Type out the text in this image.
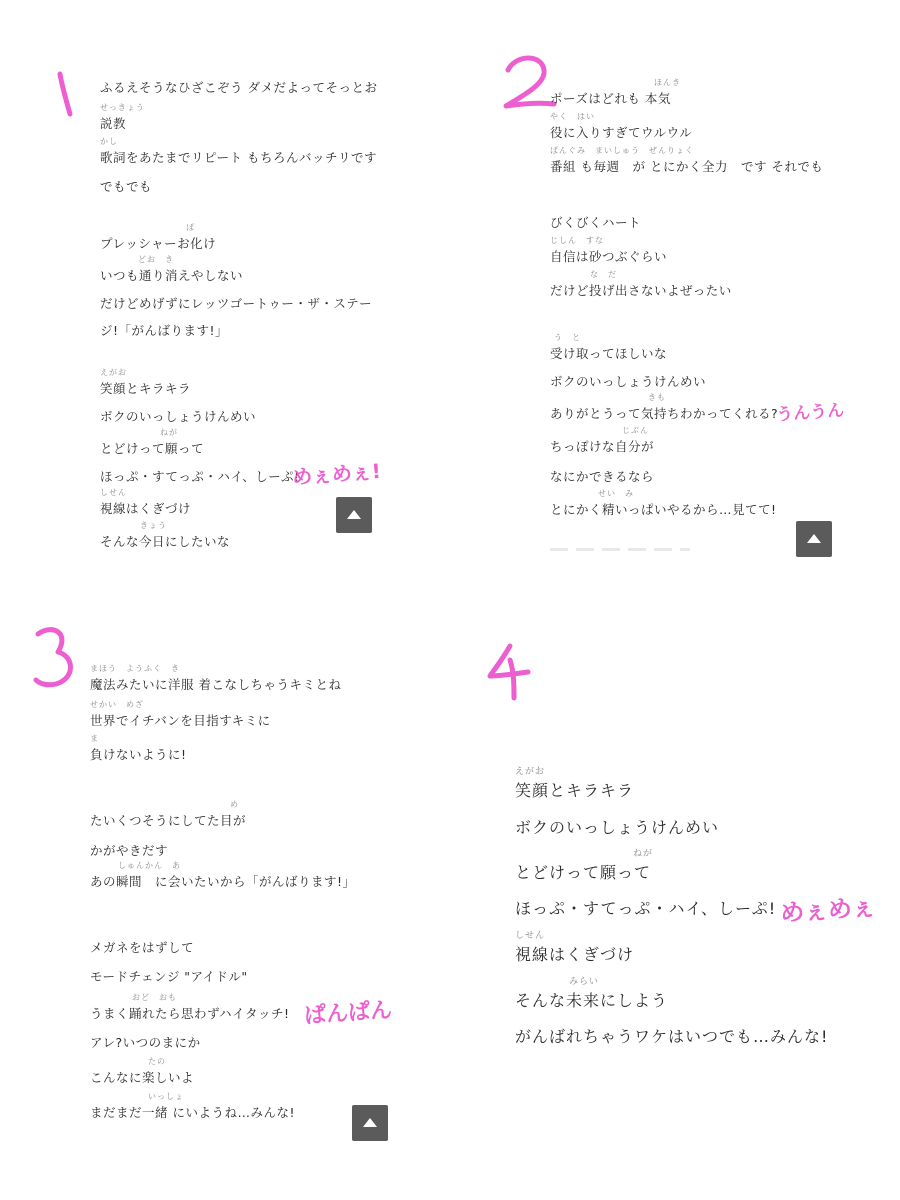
ふるえそうなひざこぞう ダメだよってそっとお
せっきょう
説教
かし
歌詞をあたまでリピート もちろんバッチリです
でもでも
ば
プレッシャーお化け
どお　き
いつも通り消えやしない
だけどめげずにレッツゴートゥー・ザ・ステー
ジ!「がんばります!」
えがお
笑顔とキラキラ
ボクのいっしょうけんめい
ねが
とどけって願って
ほっぷ・すてっぷ・ハイ、しーぷ!
しせん
視線はくぎづけ
きょう
そんな今日にしたいな
めぇめぇ!
ほんき
ポーズはどれも 本気
やく　はい
役に入りすぎてウルウル
ばんぐみ　まいしゅう　ぜんりょく
番組 も毎週　が とにかく全力　です それでも
びくびくハート
じしん　すな
自信は砂つぶぐらい
な　だ
だけど投げ出さないよぜったい
う　と
受け取ってほしいな
ボクのいっしょうけんめい
きも
ありがとうって気持ちわかってくれる?
じぶん
ちっぽけな自分が
なにかできるなら
せい　み
とにかく精いっぱいやるから…見てて!
うんうん
まほう　ようふく　き
魔法みたいに洋服 着こなしちゃうキミとね
せかい　めざ
世界でイチバンを目指すキミに
ま
負けないように!
め
たいくつそうにしてた目が
かがやきだす
しゅんかん　あ
あの瞬間　に会いたいから「がんばります!」
メガネをはずして
モードチェンジ "アイドル"
おど　おも
うまく踊れたら思わずハイタッチ!
アレ?いつのまにか
たの
こんなに楽しいよ
いっしょ
まだまだ一緒 にいようね…みんな!
ぱんぱん
えがお
笑顔とキラキラ
ボクのいっしょうけんめい
ねが
とどけって願って
ほっぷ・すてっぷ・ハイ、しーぷ!
しせん
視線はくぎづけ
みらい
そんな未来にしよう
がんばれちゃうワケはいつでも…みんな!
めぇめぇ
